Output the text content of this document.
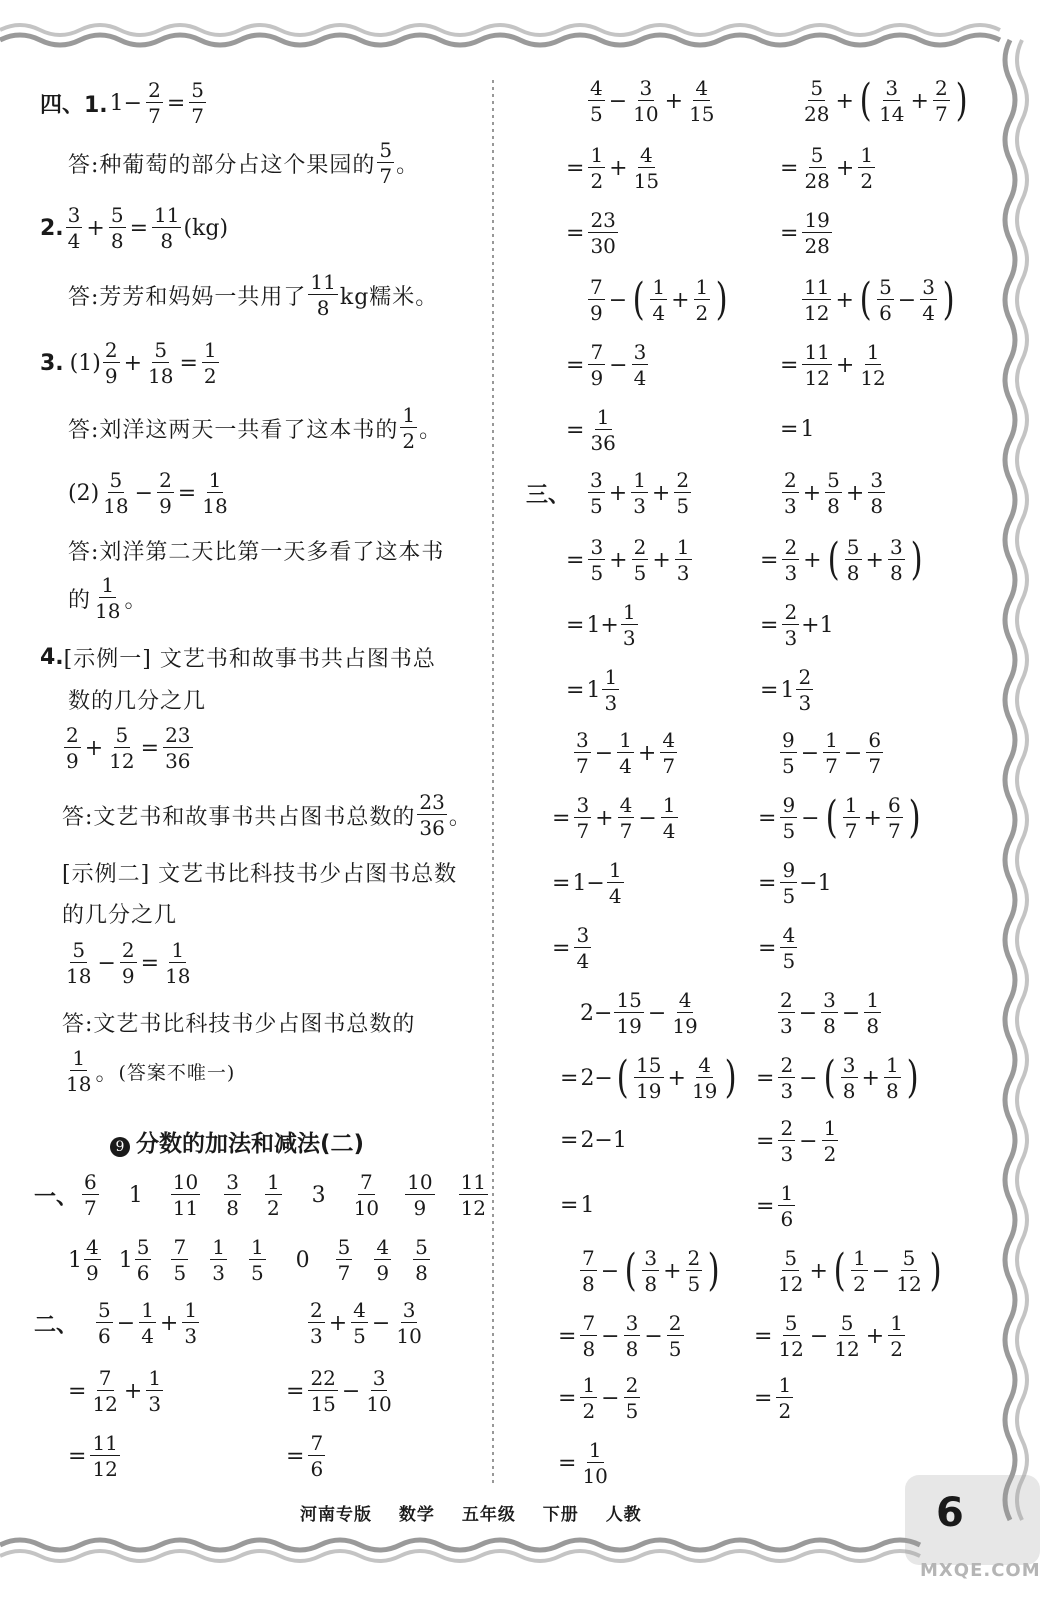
四、1. $1- \frac{2}{7} = \frac{5}{7}$
答:种葡萄的部分占这个果园的 $\frac{5}{7}$ 。
2. $\frac{3}{4} + \frac{5}{8} = \frac{11}{8} (kg)$
答:芳芳和妈妈一共用了 $\frac{11}{8}$ kg糯米。
3. $(1) \frac{2}{9} + \frac{5}{18} = \frac{1}{2}$
答:刘洋这两天一共看了这本书的 $\frac{1}{2}$ 。
$(2) \frac{5}{18} - \frac{2}{9} = \frac{1}{18}$
答:刘洋第二天比第一天多看了这本书
的 $\frac{1}{18}$ 。
4. [示例一] 文艺书和故事书共占图书总
数的几分之几
$\frac{2}{9} + \frac{5}{12} = \frac{23}{36}$
答:文艺书和故事书共占图书总数的 $\frac{23}{36}$ 。
[示例二] 文艺书比科技书少占图书总数
的几分之几
$\frac{5}{18} - \frac{2}{9} = \frac{1}{18}$
答:文艺书比科技书少占图书总数的
$\frac{1}{18}$ 。 (答案不唯一)
9 分数的加法和减法(二)
一、 $\frac{6}{7} 1 \frac{10}{11} \frac{3}{8} \frac{1}{2} 3 \frac{7}{10} \frac{10}{9} \frac{11}{12}$
$1 \frac{4}{9} 1 \frac{5}{6} \frac{7}{5} \frac{1}{3} \frac{1}{5} 0 \frac{5}{7} \frac{4}{9} \frac{5}{8}$
二、 $\frac{5}{6} - \frac{1}{4} + \frac{1}{3}$
= $\frac{7}{12} + \frac{1}{3}$
= $\frac{11}{12}$
$\frac{2}{3} + \frac{4}{5} - \frac{3}{10}$
= $\frac{22}{15} - \frac{3}{10}$
= $\frac{7}{6}$
$\frac{4}{5} - \frac{3}{10} + \frac{4}{15}$
= $\frac{1}{2} + \frac{4}{15}$
= $\frac{23}{30}$
$\frac{5}{28}$ + ( $\frac{3}{14} + \frac{2}{7}$ )
= $\frac{5}{28} + \frac{1}{2}$
= $\frac{19}{28}$
$\frac{7}{9}$ − ( $\frac{1}{4} + \frac{1}{2}$ )
= $\frac{7}{9} - \frac{3}{4}$
= $\frac{1}{36}$
$\frac{11}{12}$ + ( $\frac{5}{6} - \frac{3}{4}$ )
= $\frac{11}{12} + \frac{1}{12}$
= 1
三、 $\frac{3}{5} + \frac{1}{3} + \frac{2}{5}$
= $\frac{3}{5} + \frac{2}{5} + \frac{1}{3}$
= $1+ \frac{1}{3}$
= $1 \frac{1}{3}$
$\frac{2}{3} + \frac{5}{8} + \frac{3}{8}$
= $\frac{2}{3}$ + ( $\frac{5}{8} + \frac{3}{8}$ )
= $\frac{2}{3} +1$
= $1 \frac{2}{3}$
$\frac{3}{7} - \frac{1}{4} + \frac{4}{7}$
= $\frac{3}{7} + \frac{4}{7} - \frac{1}{4}$
= $1- \frac{1}{4}$
= $\frac{3}{4}$
$\frac{9}{5} - \frac{1}{7} - \frac{6}{7}$
= $\frac{9}{5}$ − ( $\frac{1}{7} + \frac{6}{7}$ )
= $\frac{9}{5} -1$
= $\frac{4}{5}$
$2- \frac{15}{19} - \frac{4}{19}$
= 2− ( $\frac{15}{19} + \frac{4}{19}$ )
= 2−1
= 1
$\frac{2}{3} - \frac{3}{8} - \frac{1}{8}$
= $\frac{2}{3}$ − ( $\frac{3}{8} + \frac{1}{8}$ )
= $\frac{2}{3} - \frac{1}{2}$
= $\frac{1}{6}$
$\frac{7}{8}$ − ( $\frac{3}{8} + \frac{2}{5}$ )
= $\frac{7}{8} - \frac{3}{8} - \frac{2}{5}$
= $\frac{1}{2} - \frac{2}{5}$
= $\frac{1}{10}$
$\frac{5}{12}$ + ( $\frac{1}{2} - \frac{5}{12}$ )
= $\frac{5}{12} - \frac{5}{12} + \frac{1}{2}$
= $\frac{1}{2}$
河南专版 数学 五年级 下册 人教	6
MXQE.COM
